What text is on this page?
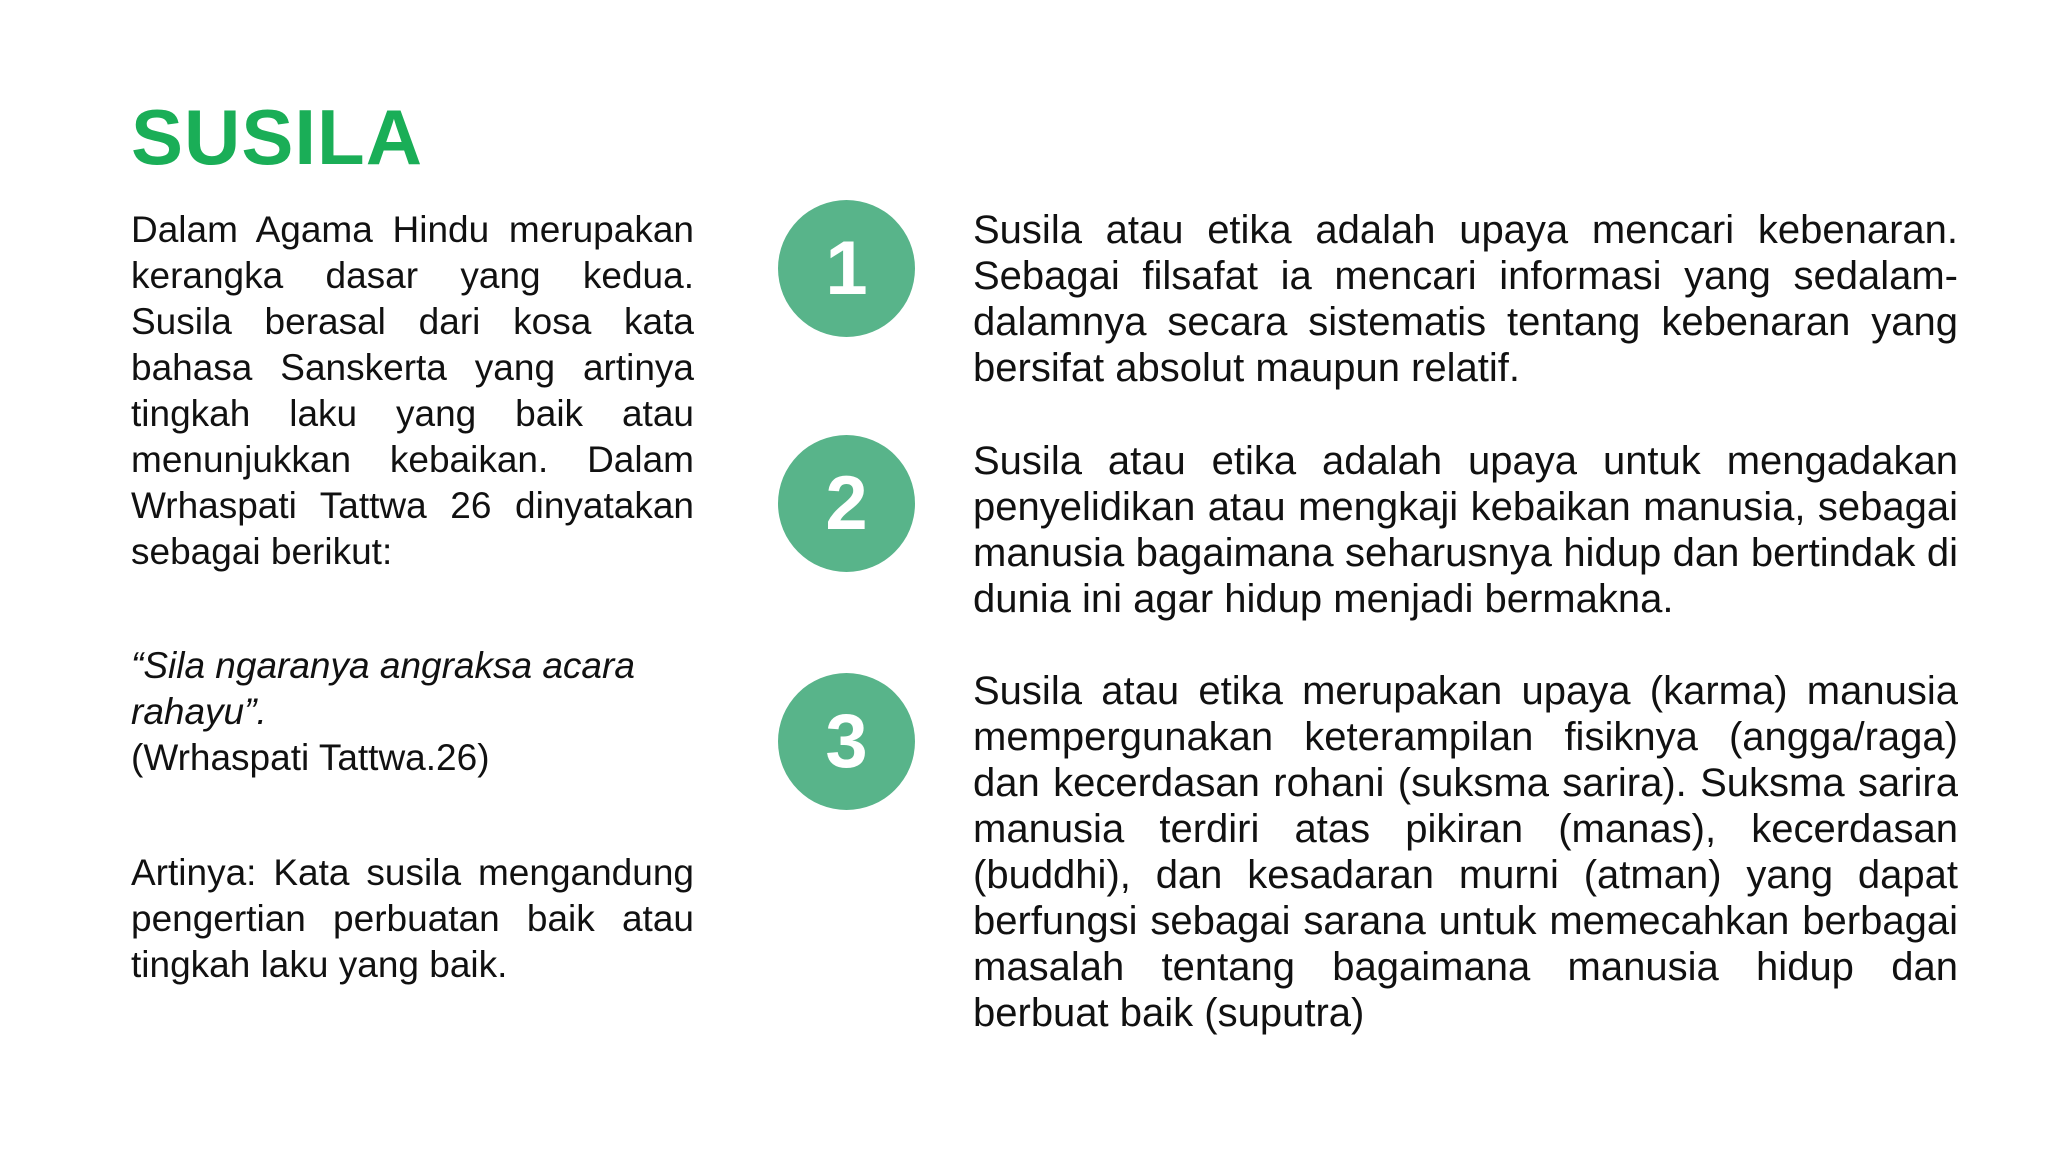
SUSILA

Dalam Agama Hindu merupakan kerangka dasar yang kedua. Susila berasal dari kosa kata bahasa Sanskerta yang artinya tingkah laku yang baik atau menunjukkan kebaikan. Dalam Wrhaspati Tattwa 26 dinyatakan sebagai berikut:

“Sila ngaranya angraksa acara rahayu”.
(Wrhaspati Tattwa.26)

Artinya: Kata susila mengandung pengertian perbuatan baik atau tingkah laku yang baik.

1	Susila atau etika adalah upaya mencari kebenaran. Sebagai filsafat ia mencari informasi yang sedalam-dalamnya secara sistematis tentang kebenaran yang bersifat absolut maupun relatif.

2	Susila atau etika adalah upaya untuk mengadakan penyelidikan atau mengkaji kebaikan manusia, sebagai manusia bagaimana seharusnya hidup dan bertindak di dunia ini agar hidup menjadi bermakna.

3

Susila atau etika merupakan upaya (karma) manusia mempergunakan keterampilan fisiknya (angga/raga) dan kecerdasan rohani (suksma sarira). Suksma sarira manusia terdiri atas pikiran (manas), kecerdasan (buddhi), dan kesadaran murni (atman) yang dapat berfungsi sebagai sarana untuk memecahkan berbagai masalah tentang bagaimana manusia hidup dan berbuat baik (suputra)
